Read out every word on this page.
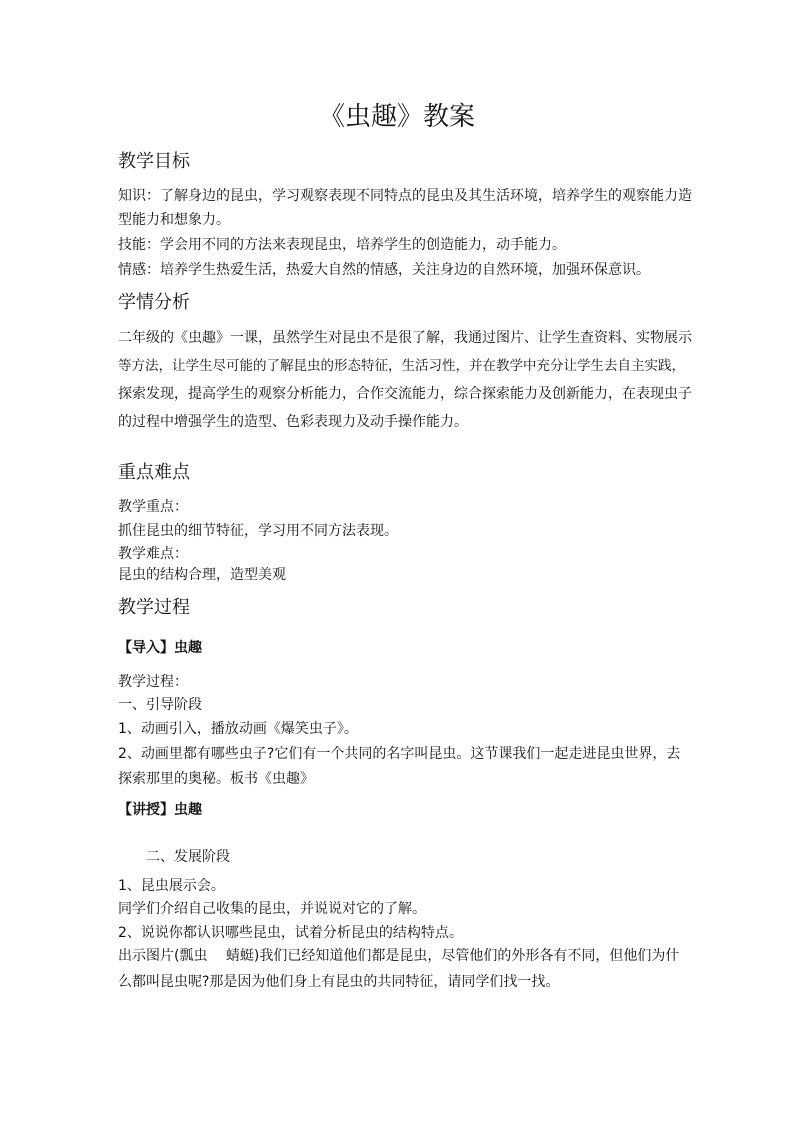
《虫趣》教案
教学目标

知识：了解身边的昆虫，学习观察表现不同特点的昆虫及其生活环境，培养学生的观察能力造

型能力和想象力。

技能：学会用不同的方法来表现昆虫，培养学生的创造能力，动手能力。

情感：培养学生热爱生活，热爱大自然的情感，关注身边的自然环境，加强环保意识。

学情分析

二年级的《虫趣》一课，虽然学生对昆虫不是很了解，我通过图片、让学生查资料、实物展示

等方法，让学生尽可能的了解昆虫的形态特征，生活习性，并在教学中充分让学生去自主实践，

探索发现，提高学生的观察分析能力，合作交流能力，综合探索能力及创新能力，在表现虫子

的过程中增强学生的造型、色彩表现力及动手操作能力。

重点难点

教学重点：

抓住昆虫的细节特征，学习用不同方法表现。

教学难点：

昆虫的结构合理，造型美观

教学过程

【导入】虫趣

教学过程：

一、引导阶段

1、动画引入，播放动画《爆笑虫子》。

2、动画里都有哪些虫子?它们有一个共同的名字叫昆虫。这节课我们一起走进昆虫世界，去

探索那里的奥秘。板书《虫趣》

【讲授】虫趣

二、发展阶段

1、昆虫展示会。

同学们介绍自己收集的昆虫，并说说对它的了解。

2、说说你都认识哪些昆虫，试着分析昆虫的结构特点。

出示图片(瓢虫　 蜻蜓)我们已经知道他们都是昆虫，尽管他们的外形各有不同，但他们为什

么都叫昆虫呢?那是因为他们身上有昆虫的共同特征，请同学们找一找。
